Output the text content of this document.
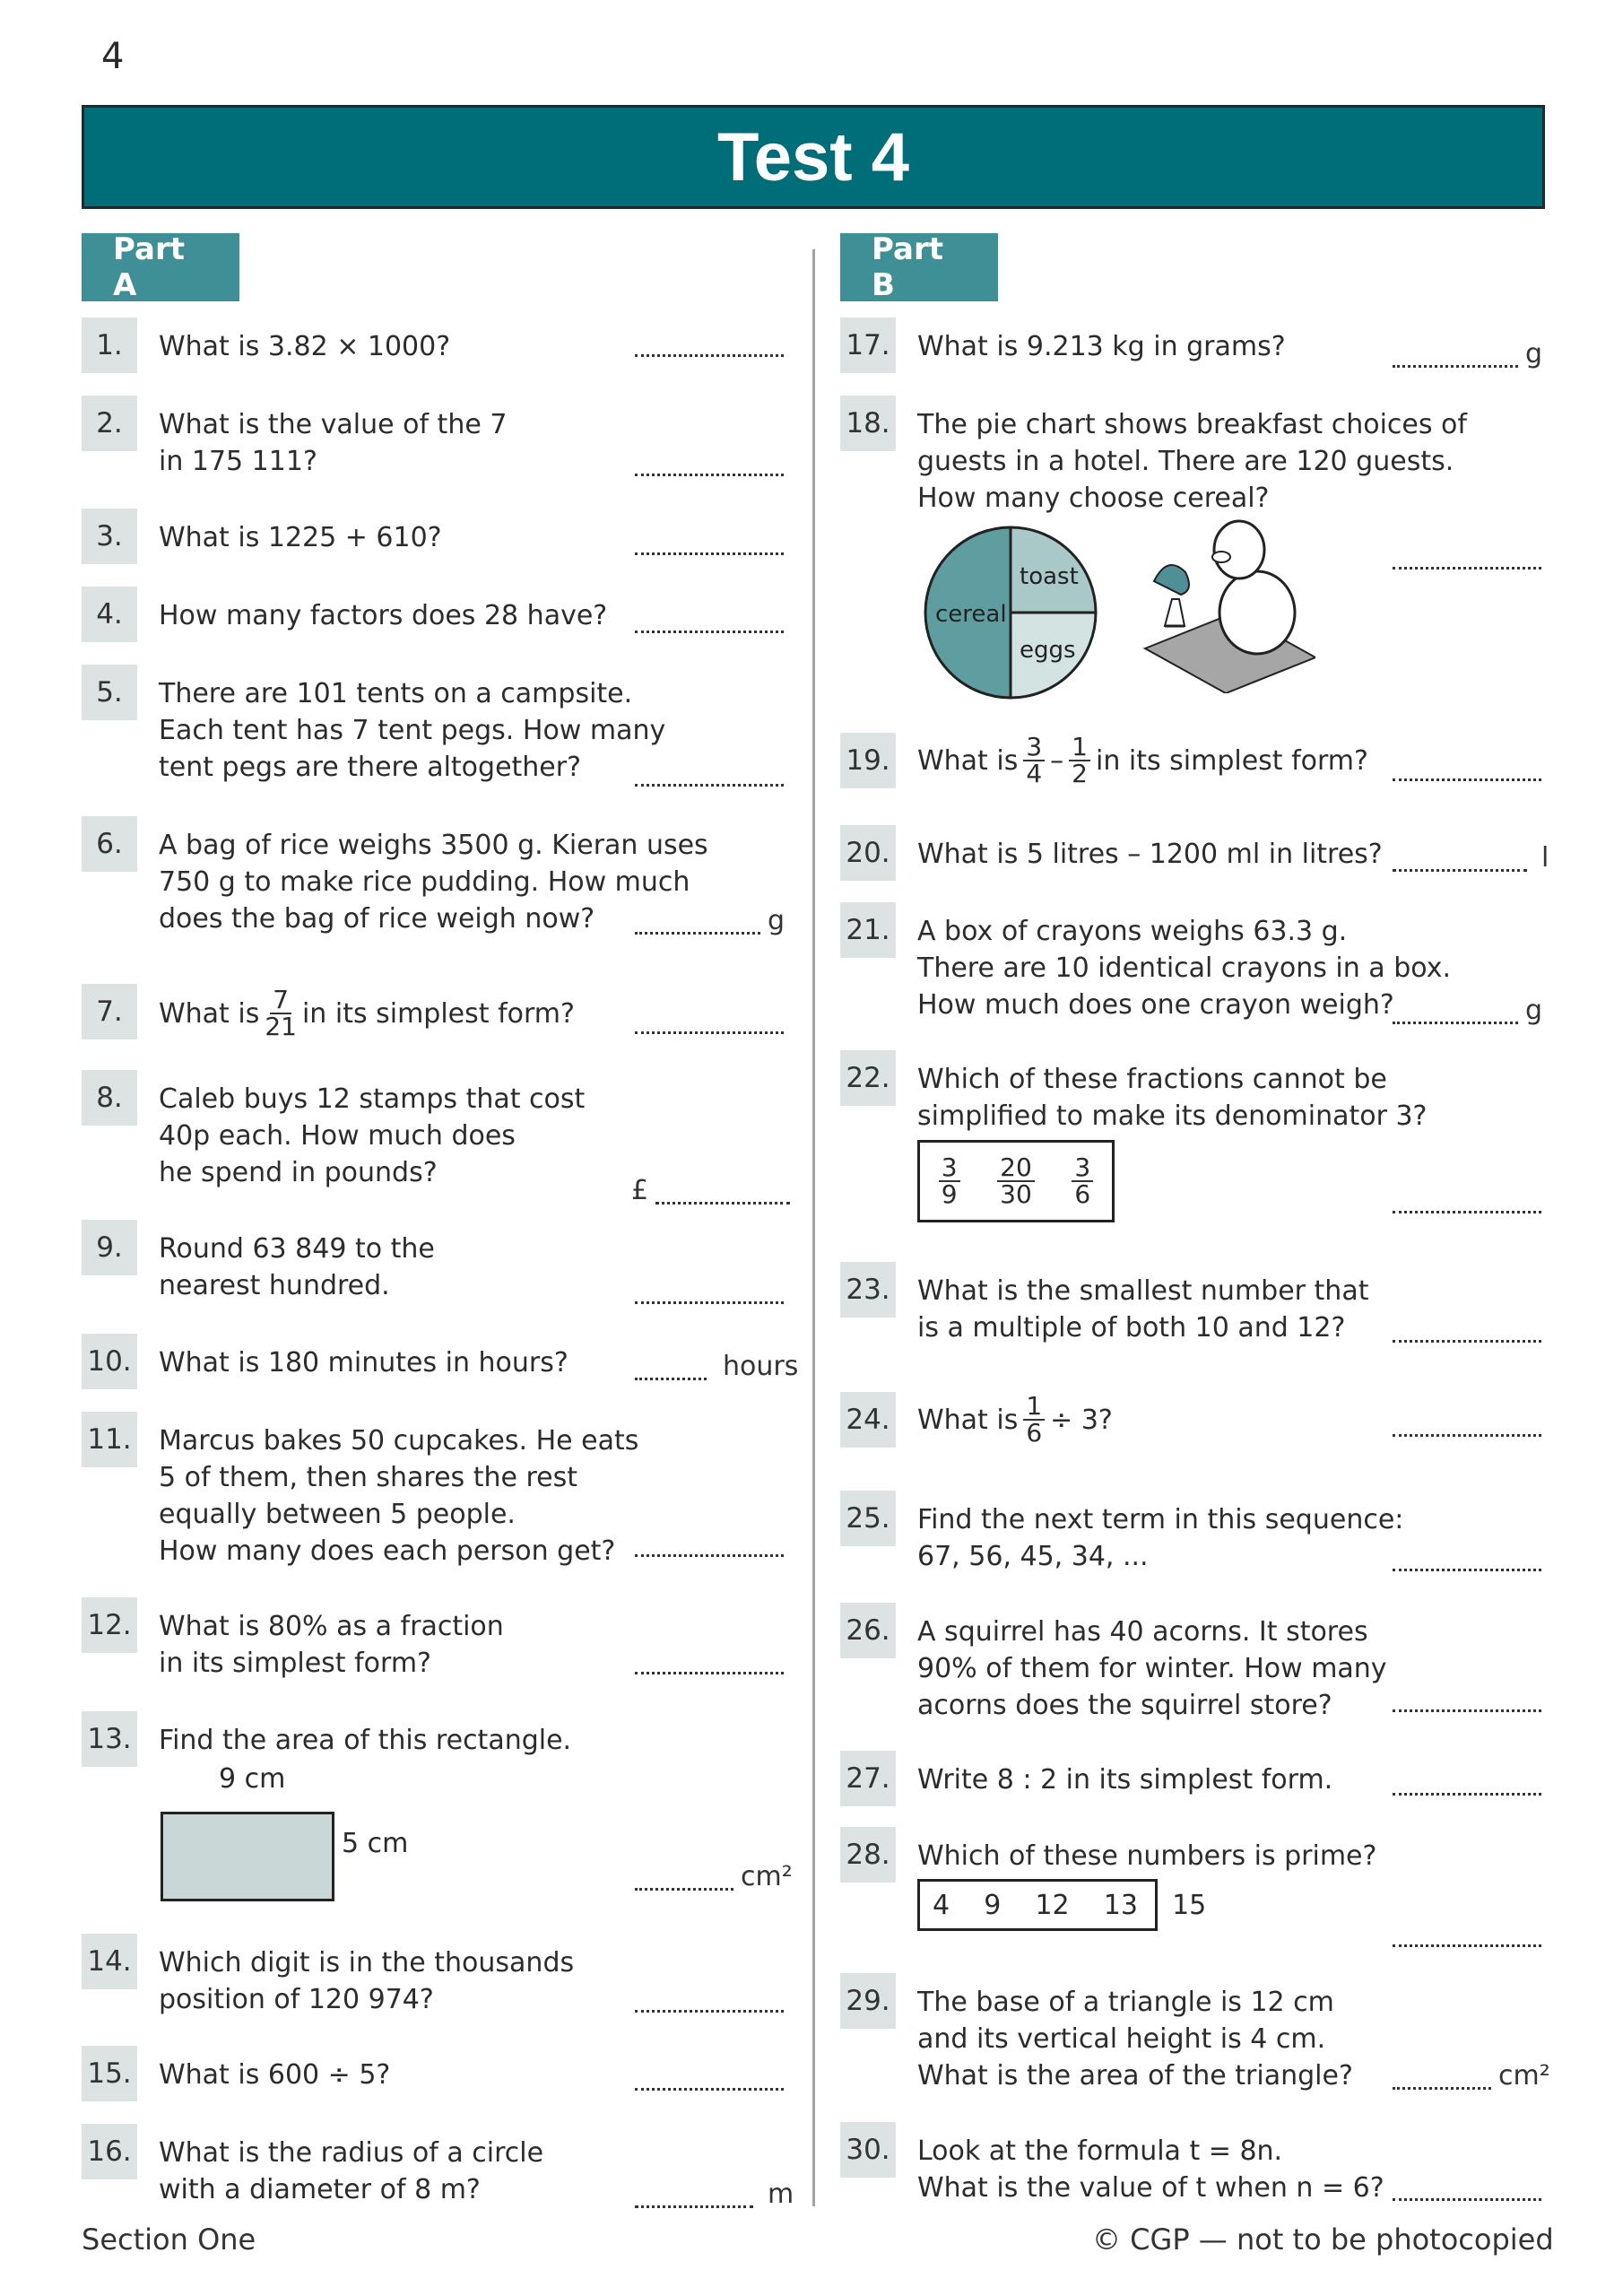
4
Test 4
Part A
Part B
1.	What is 3.82 × 1000?
2.	What is the value of the 7
in 175 111?
3.	What is 1225 + 610?
4.	How many factors does 28 have?
5.	There are 101 tents on a campsite.
Each tent has 7 tent pegs. How many
tent pegs are there altogether?
6.	A bag of rice weighs 3500 g. Kieran uses
750 g to make rice pudding. How much
does the bag of rice weigh now?	g
7.	What is $\frac{7}{21}$ in its simplest form?
8.	Caleb buys 12 stamps that cost
40p each. How much does
he spend in pounds?
£
9.	Round 63 849 to the
nearest hundred.
10. What is 180 minutes in hours?	hours
11. Marcus bakes 50 cupcakes. He eats
5 of them, then shares the rest
equally between 5 people.
How many does each person get?
12. What is 80% as a fraction
in its simplest form?
13. Find the area of this rectangle.
9 cm
5 cm
cm²
14. Which digit is in the thousands
position of 120 974?
15. What is 600 ÷ 5?
16. What is the radius of a circle
with a diameter of 8 m?	m
17. What is 9.213 kg in grams?	g
18. The pie chart shows breakfast choices of
guests in a hotel. There are 120 guests.
How many choose cereal?
cereal
toast
eggs
19. What is $\frac{3}{4} - \frac{1}{2}$ in its simplest form?
20. What is 5 litres – 1200 ml in litres?	l
21. A box of crayons weighs 63.3 g.
There are 10 identical crayons in a box.
How much does one crayon weigh?	g
22. Which of these fractions cannot be
simplified to make its denominator 3?
$\frac{3}{9} \frac{20}{30} \frac{3}{6}$
23. What is the smallest number that
is a multiple of both 10 and 12?
24. What is $\frac{1}{6} \div 3$?
25. Find the next term in this sequence:
67, 56, 45, 34, ...
26. A squirrel has 40 acorns. It stores
90% of them for winter. How many
acorns does the squirrel store?
27. Write 8 : 2 in its simplest form.
28. Which of these numbers is prime?
4    9    12    13    15
29. The base of a triangle is 12 cm
and its vertical height is 4 cm.
What is the area of the triangle?	cm²
30. Look at the formula t = 8n.
What is the value of t when n = 6?
Section One	© CGP — not to be photocopied
